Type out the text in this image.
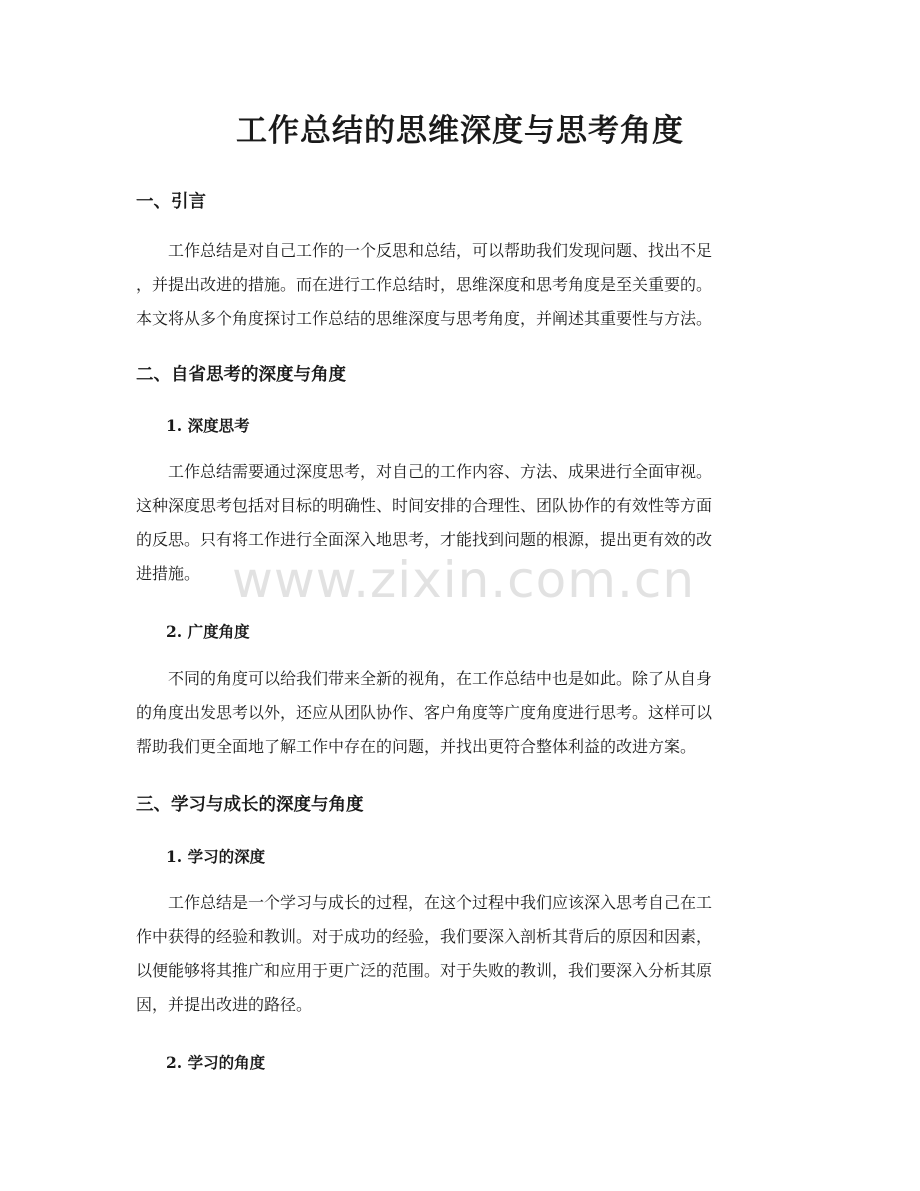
工作总结的思维深度与思考角度
一、引言
工作总结是对自己工作的一个反思和总结，可以帮助我们发现问题、找出不足
，并提出改进的措施。而在进行工作总结时，思维深度和思考角度是至关重要的。
本文将从多个角度探讨工作总结的思维深度与思考角度，并阐述其重要性与方法。
二、自省思考的深度与角度
1. 深度思考
工作总结需要通过深度思考，对自己的工作内容、方法、成果进行全面审视。
这种深度思考包括对目标的明确性、时间安排的合理性、团队协作的有效性等方面
的反思。只有将工作进行全面深入地思考，才能找到问题的根源，提出更有效的改
进措施。
2. 广度角度
不同的角度可以给我们带来全新的视角，在工作总结中也是如此。除了从自身
的角度出发思考以外，还应从团队协作、客户角度等广度角度进行思考。这样可以
帮助我们更全面地了解工作中存在的问题，并找出更符合整体利益的改进方案。
三、学习与成长的深度与角度
1. 学习的深度
工作总结是一个学习与成长的过程，在这个过程中我们应该深入思考自己在工
作中获得的经验和教训。对于成功的经验，我们要深入剖析其背后的原因和因素，
以便能够将其推广和应用于更广泛的范围。对于失败的教训，我们要深入分析其原
因，并提出改进的路径。
2. 学习的角度
www.zixin.com.cn
